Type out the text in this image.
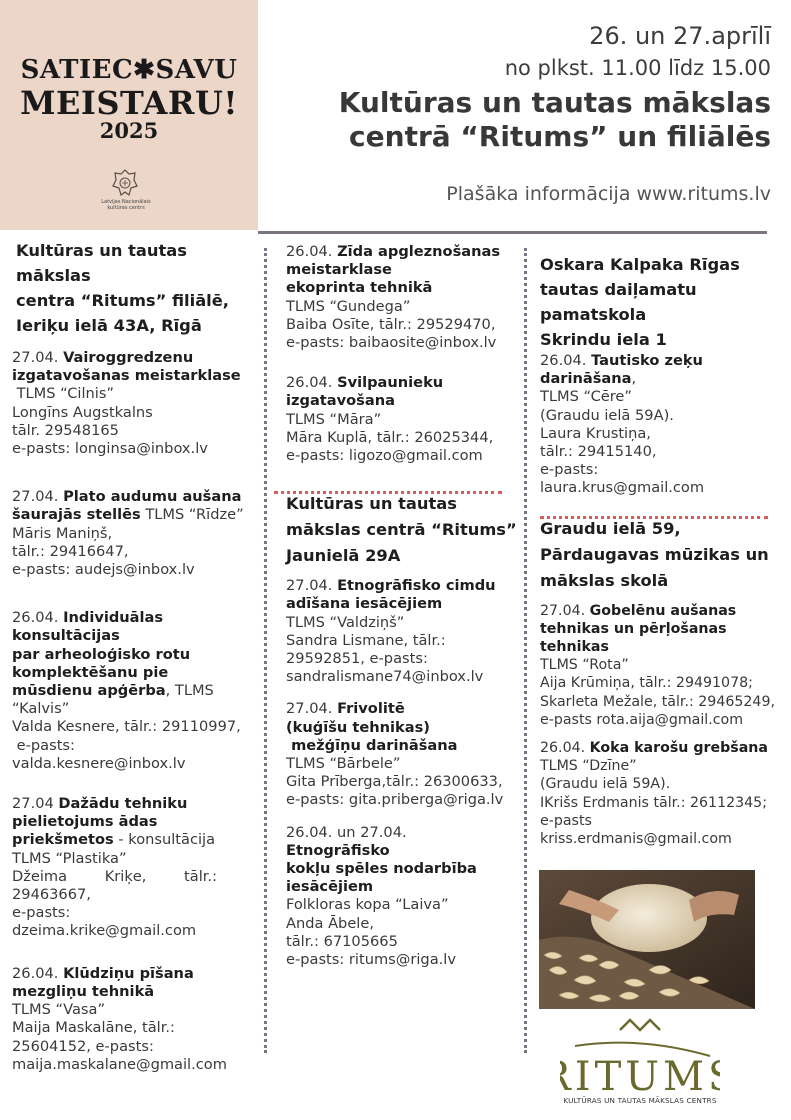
SATIEC✱SAVU
MEISTARU!
2025
Latvijas Nacionālais
kultūras centrs
26. un 27.aprīlī
no plkst. 11.00 līdz 15.00
Kultūras un tautas mākslas
centrā “Ritums” un filiālēs
Plašāka informācija www.ritums.lv
Kultūras un tautas mākslas
centra “Ritums” filiālē,
Ieriķu ielā 43A, Rīgā
27.04. Vairoggredzenu
izgatavošanas meistarklase
TLMS “Cilnis”
Longīns Augstkalns
tālr. 29548165
e-pasts: longinsa@inbox.lv
27.04. Plato audumu aušana
šaurajās stellēs TLMS “Rīdze”
Māris Maniņš,
tālr.: 29416647,
e-pasts: audejs@inbox.lv
26.04. Individuālas
konsultācijas
par arheoloģisko rotu
komplektēšanu pie
mūsdienu apģērba, TLMS
“Kalvis”
Valda Kesnere, tālr.: 29110997,
e-pasts:
valda.kesnere@inbox.lv
27.04 Dažādu tehniku
pielietojums ādas
priekšmetos - konsultācija
TLMS “Plastika”
Džeima	Kriķe,	tālr.:
29463667,
e-pasts:
dzeima.krike@gmail.com
26.04. Klūdziņu pīšana
mezgliņu tehnikā
TLMS “Vasa”
Maija Maskalāne, tālr.:
25604152, e-pasts:
maija.maskalane@gmail.com
26.04. Zīda apgleznošanas
meistarklase
ekoprinta tehnikā
TLMS “Gundega”
Baiba Osīte, tālr.: 29529470,
e-pasts: baibaosite@inbox.lv
26.04. Svilpaunieku
izgatavošana
TLMS “Māra”
Māra Kuplā, tālr.: 26025344,
e-pasts: ligozo@gmail.com
Kultūras un tautas
mākslas centrā “Ritums”
Jaunielā 29A
27.04. Etnogrāfisko cimdu
adīšana iesācējiem
TLMS “Valdziņš”
Sandra Lismane, tālr.:
29592851, e-pasts:
sandralismane74@inbox.lv
27.04. Frivolitē
(kuģīšu tehnikas)
mežģīņu darināšana
TLMS “Bārbele”
Gita Prīberga,tālr.: 26300633,
e-pasts: gita.priberga@riga.lv
26.04. un 27.04.
Etnogrāfisko
kokļu spēles nodarbība
iesācējiem
Folkloras kopa “Laiva”
Anda Ābele,
tālr.: 67105665
e-pasts: ritums@riga.lv
Oskara Kalpaka Rīgas
tautas daiļamatu
pamatskola
Skrindu iela 1
26.04. Tautisko zeķu
darināšana,
TLMS “Cēre”
(Graudu ielā 59A).
Laura Krustiņa,
tālr.: 29415140,
e-pasts:
laura.krus@gmail.com
Graudu ielā 59,
Pārdaugavas mūzikas un
mākslas skolā
27.04. Gobelēnu aušanas
tehnikas un pērļošanas
tehnikas
TLMS “Rota”
Aija Krūmiņa, tālr.: 29491078;
Skarleta Mežale, tālr.: 29465249,
e-pasts rota.aija@gmail.com
26.04. Koka karošu grebšana
TLMS “Dzīne”
(Graudu ielā 59A).
IKrišs Erdmanis tālr.: 26112345;
e-pasts
kriss.erdmanis@gmail.com
ITUM
KULTŪRAS UN TAUTAS MĀKSLAS CENTRS
